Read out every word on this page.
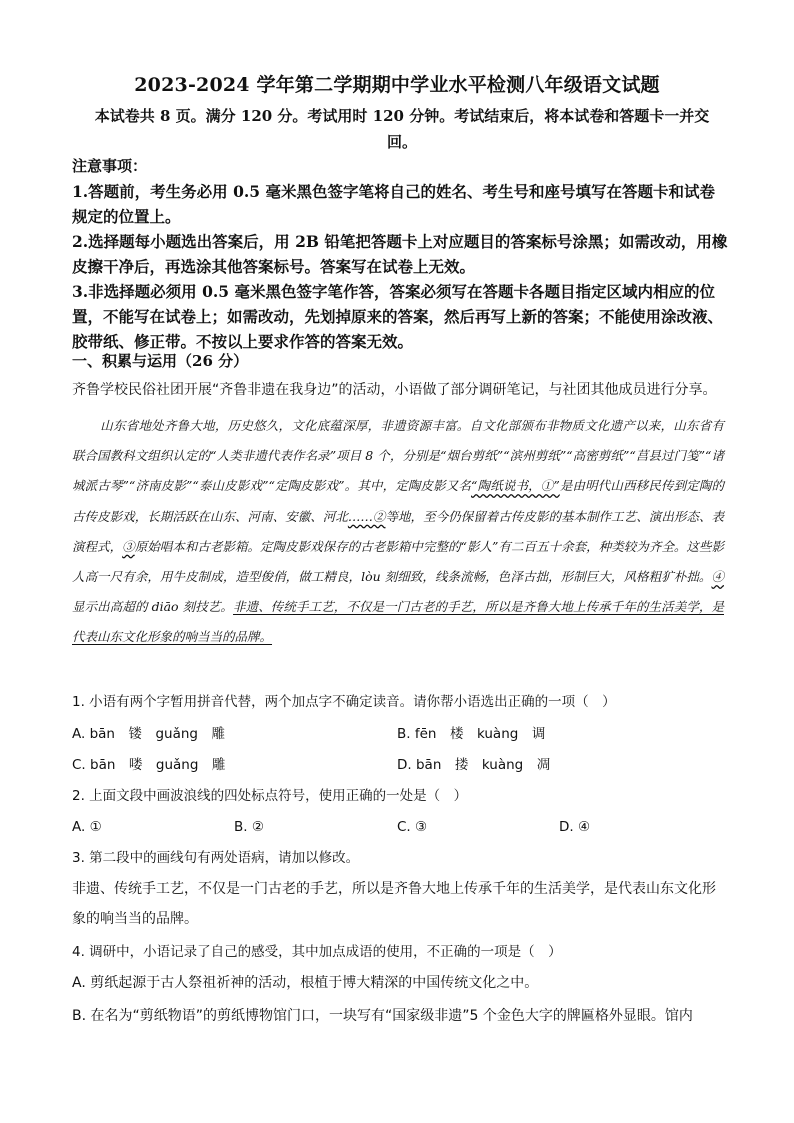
2023-2024 学年第二学期期中学业水平检测八年级语文试题
本试卷共 8 页。满分 120 分。考试用时 120 分钟。考试结束后，将本试卷和答题卡一并交回。
注意事项：
1.答题前，考生务必用 0.5 毫米黑色签字笔将自己的姓名、考生号和座号填写在答题卡和试卷规定的位置上。
2.选择题每小题选出答案后，用 2B 铅笔把答题卡上对应题目的答案标号涂黑；如需改动，用橡皮擦干净后，再选涂其他答案标号。答案写在试卷上无效。
3.非选择题必须用 0.5 毫米黑色签字笔作答，答案必须写在答题卡各题目指定区域内相应的位置，不能写在试卷上；如需改动，先划掉原来的答案，然后再写上新的答案；不能使用涂改液、胶带纸、修正带。不按以上要求作答的答案无效。
一、积累与运用（26 分）
齐鲁学校民俗社团开展“齐鲁非遗在我身边”的活动，小语做了部分调研笔记，与社团其他成员进行分享。
山东省地处齐鲁大地，历史悠久，文化底蕴深厚，非遗资源丰富。自文化部颁布非物质文化遗产以来，山东省有联合国教科文组织认定的“人类非遗代表作名录”项目 8 个，分别是“烟台剪纸”“滨州剪纸”“高密剪纸”“莒县过门笺”“诸城派古琴”“济南皮影”“泰山皮影戏”“定陶皮影戏”。其中，定陶皮影又名“陶纸说书，①”是由明代山西移民传到定陶的古传皮影戏，长期活跃在山东、河南、安徽、河北……②等地，至今仍保留着古传皮影的基本制作工艺、演出形态、表演程式，③原始唱本和古老影箱。定陶皮影戏保存的古老影箱中完整的“影人”有二百五十余套，种类较为齐全。这些影人高一尺有余，用牛皮制成，造型俊俏，做工精良，lòu 刻细致，线条流畅，色泽古拙，形制巨大，风格粗犷朴拙。④显示出高超的 diāo 刻技艺。非遗、传统手工艺，不仅是一门古老的手艺，所以是齐鲁大地上传承千年的生活美学，是代表山东文化形象的响当当的品牌。
1. 小语有两个字暂用拼音代替，两个加点字不确定读音。请你帮小语选出正确的一项（　）
A. bān　镂　guǎng　雕	B. fēn　楼　kuàng　调
C. bān　喽　guǎng　雕	D. bān　搂　kuàng　凋
2. 上面文段中画波浪线的四处标点符号，使用正确的一处是（　）
A. ①	B. ②	C. ③	D. ④
3. 第二段中的画线句有两处语病，请加以修改。
非遗、传统手工艺，不仅是一门古老的手艺，所以是齐鲁大地上传承千年的生活美学，是代表山东文化形象的响当当的品牌。
4. 调研中，小语记录了自己的感受，其中加点成语的使用，不正确的一项是（　）
A. 剪纸起源于古人祭祖祈神的活动，根植于博大精深的中国传统文化之中。
B. 在名为“剪纸物语”的剪纸博物馆门口，一块写有“国家级非遗”5 个金色大字的牌匾格外显眼。馆内
